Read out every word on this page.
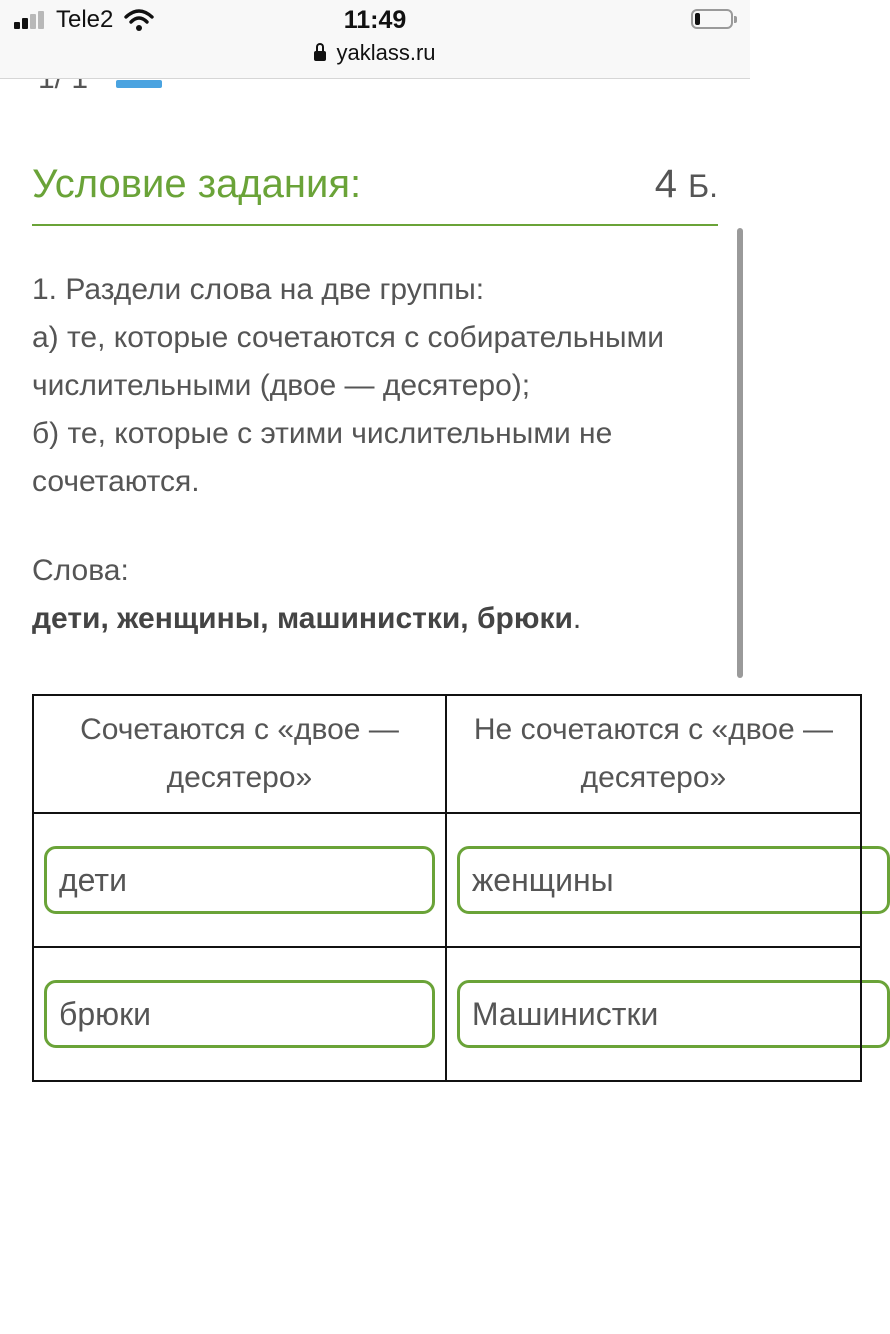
Tele2	11:49
yaklass.ru
Условие задания:	4 Б.

1. Раздели слова на две группы:

а) те, которые сочетаются с собирательными числительными (двое — десятеро);

б) те, которые с этими числительными не сочетаются.

Слова:
дети, женщины, машинистки, брюки.
Сочетаются с «двое — десятеро»	Не сочетаются с «двое — десятеро»

дети	женщины

брюки	Машинистки
